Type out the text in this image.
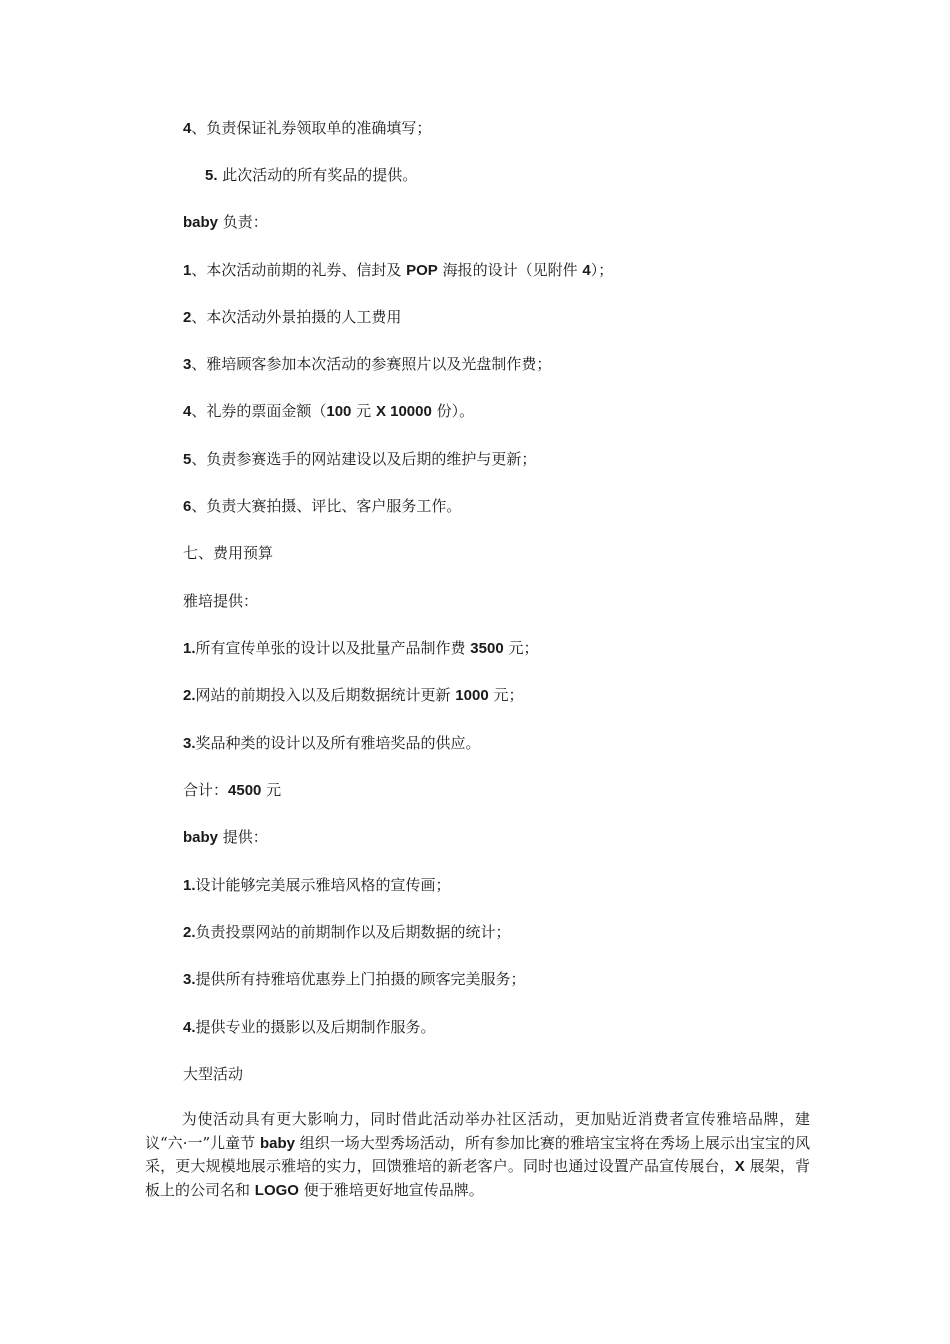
4、负责保证礼券领取单的准确填写；
5. 此次活动的所有奖品的提供。
baby 负责：
1、本次活动前期的礼券、信封及 POP 海报的设计（见附件 4）；
2、本次活动外景拍摄的人工费用
3、雅培顾客参加本次活动的参赛照片以及光盘制作费；
4、礼券的票面金额（100 元 X 10000 份）。
5、负责参赛选手的网站建设以及后期的维护与更新；
6、负责大赛拍摄、评比、客户服务工作。
七、费用预算
雅培提供：
1.所有宣传单张的设计以及批量产品制作费 3500 元；
2.网站的前期投入以及后期数据统计更新 1000 元；
3.奖品种类的设计以及所有雅培奖品的供应。
合计：4500 元
baby 提供：
1.设计能够完美展示雅培风格的宣传画；
2.负责投票网站的前期制作以及后期数据的统计；
3.提供所有持雅培优惠券上门拍摄的顾客完美服务；
4.提供专业的摄影以及后期制作服务。
大型活动
为使活动具有更大影响力，同时借此活动举办社区活动，更加贴近消费者宣传雅培品牌，建议“六·一”儿童节 baby 组织一场大型秀场活动，所有参加比赛的雅培宝宝将在秀场上展示出宝宝的风采，更大规模地展示雅培的实力，回馈雅培的新老客户。同时也通过设置产品宣传展台，X 展架，背板上的公司名和 LOGO 便于雅培更好地宣传品牌。
